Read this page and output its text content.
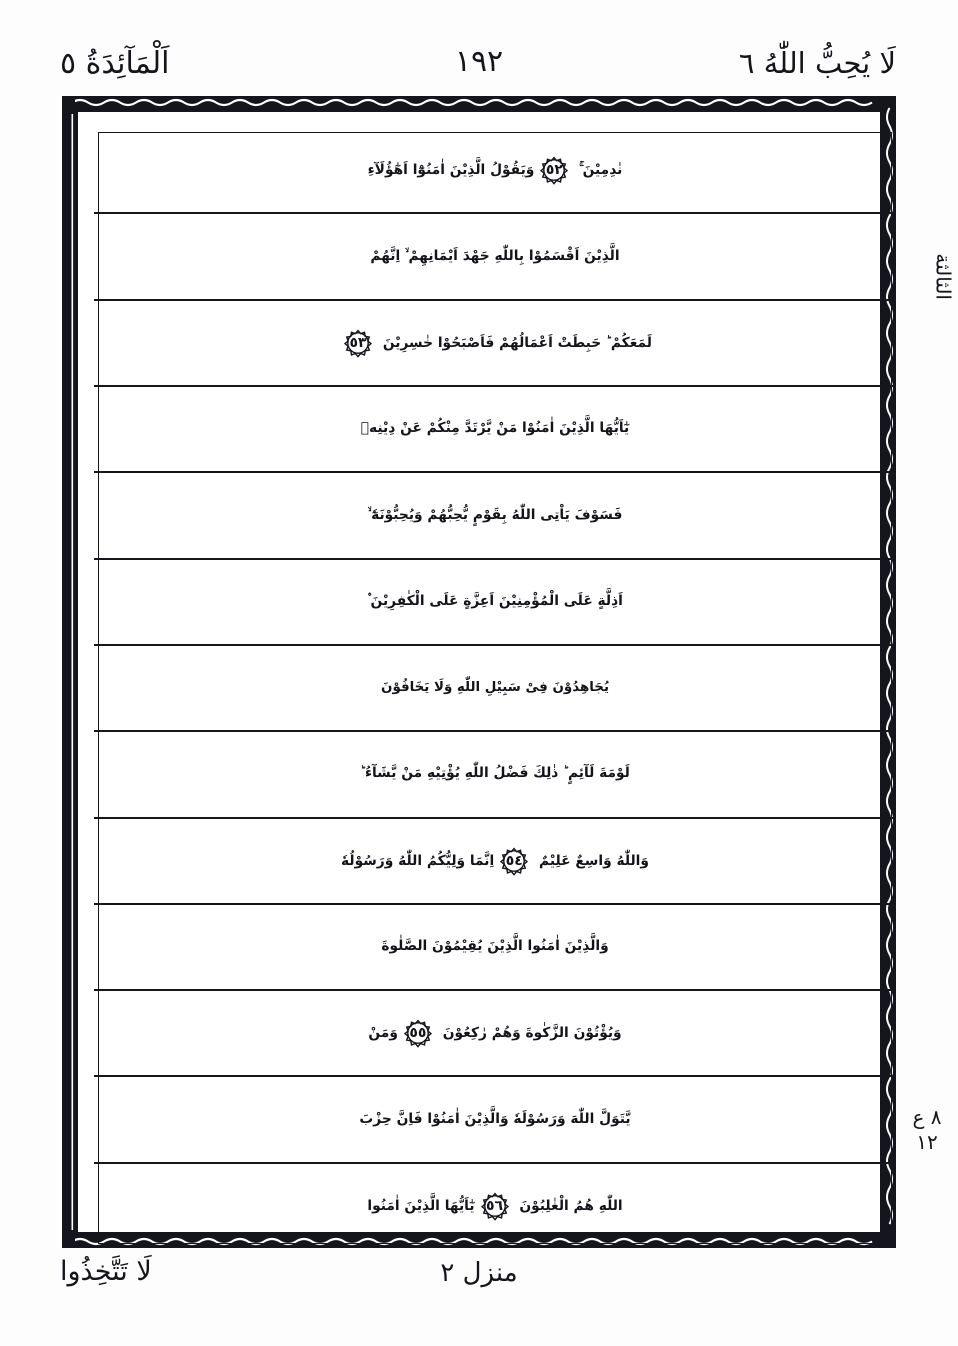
اَلْمَآئِدَةُ ٥	١٩٢	لَا يُحِبُّ اللّٰهُ ٦
نٰدِمِيْنَ ۚ
٥٢
وَيَقُوْلُ الَّذِيْنَ اٰمَنُوْٓا اَهٰٓؤُلَآءِ
الَّذِيْنَ اَقْسَمُوْا بِاللّٰهِ جَهْدَ اَيْمَانِهِمْ ۙ اِنَّهُمْ
لَمَعَكُمْ ؕ حَبِطَتْ اَعْمَالُهُمْ فَاَصْبَحُوْا خٰسِرِيْنَ
٥٣
يٰٓاَيُّهَا الَّذِيْنَ اٰمَنُوْا مَنْ يَّرْتَدَّ مِنْكُمْ عَنْ دِيْنِهٖ
فَسَوْفَ يَاْتِى اللّٰهُ بِقَوْمٍ يُّحِبُّهُمْ وَيُحِبُّوْنَهٗٓ ۙ
اَذِلَّةٍ عَلَى الْمُؤْمِنِيْنَ اَعِزَّةٍ عَلَى الْكٰفِرِيْنَ ۫
يُجَاهِدُوْنَ فِىْ سَبِيْلِ اللّٰهِ وَلَا يَخَافُوْنَ
لَوْمَةَ لَآئِمٍ ؕ ذٰلِكَ فَضْلُ اللّٰهِ يُؤْتِيْهِ مَنْ يَّشَآءُ ؕ
وَاللّٰهُ وَاسِعٌ عَلِيْمٌ
٥٤
اِنَّمَا وَلِيُّكُمُ اللّٰهُ وَرَسُوْلُهٗ
وَالَّذِيْنَ اٰمَنُوا الَّذِيْنَ يُقِيْمُوْنَ الصَّلٰوةَ
وَيُؤْتُوْنَ الزَّكٰوةَ وَهُمْ رٰكِعُوْنَ
٥٥
وَمَنْ
يَّتَوَلَّ اللّٰهَ وَرَسُوْلَهٗ وَالَّذِيْنَ اٰمَنُوْا فَاِنَّ حِزْبَ
اللّٰهِ هُمُ الْغٰلِبُوْنَ
٥٦
يٰٓاَيُّهَا الَّذِيْنَ اٰمَنُوا
الثالثة
٨ ع ١٢
لَا تَتَّخِذُوا	منزل ٢
